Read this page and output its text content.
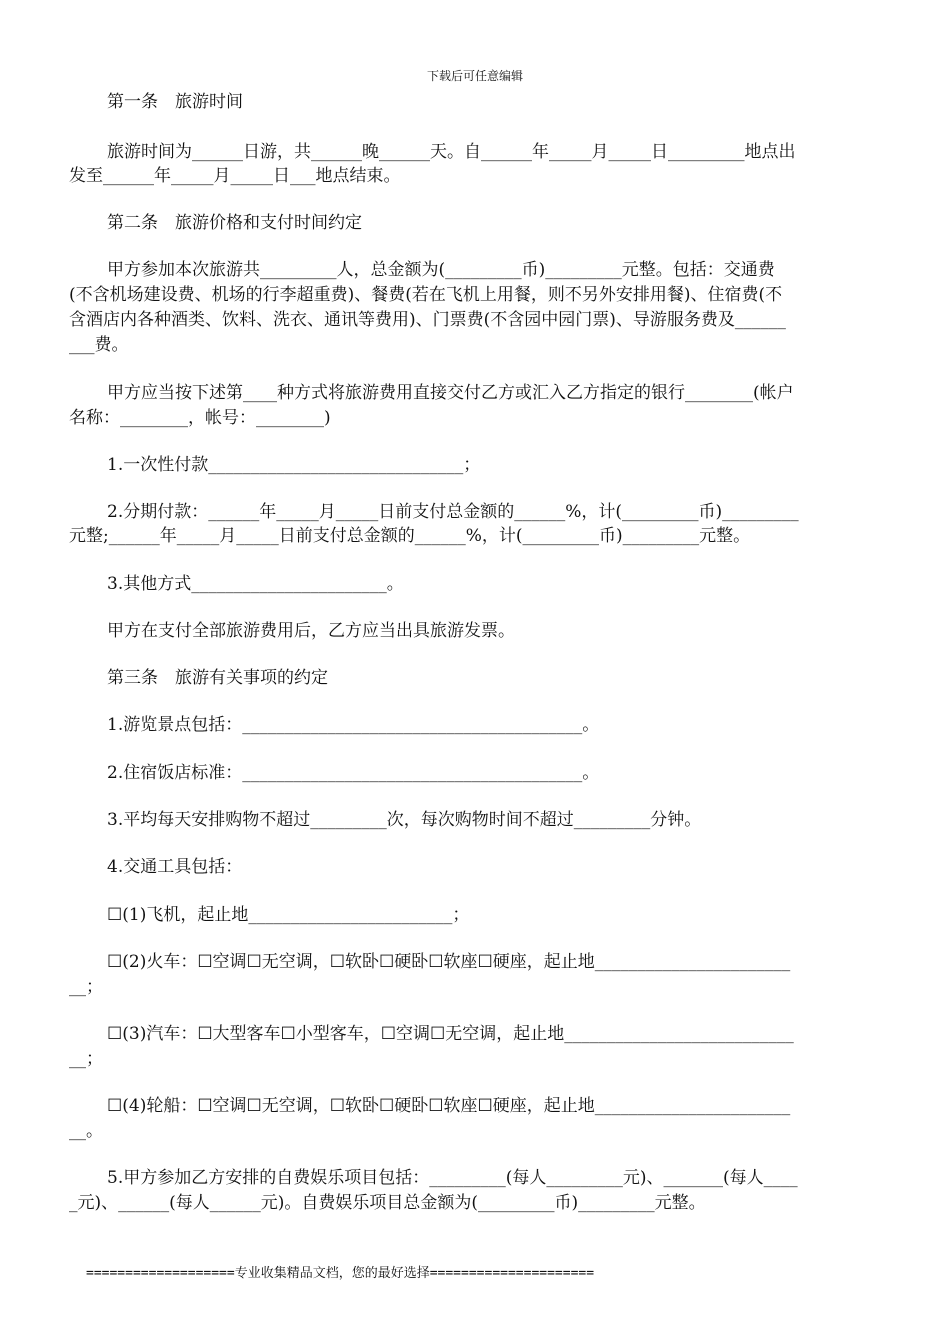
下载后可任意编辑
第一条　旅游时间
旅游时间为______日游，共______晚______天。自______年_____月_____日_________地点出
发至______年_____月_____日___地点结束。
第二条　旅游价格和支付时间约定
甲方参加本次旅游共_________人，总金额为(_________币)_________元整。包括：交通费
(不含机场建设费、机场的行李超重费)、餐费(若在飞机上用餐，则不另外安排用餐)、住宿费(不
含酒店内各种酒类、饮料、洗衣、通讯等费用)、门票费(不含园中园门票)、导游服务费及______
___费。
甲方应当按下述第____种方式将旅游费用直接交付乙方或汇入乙方指定的银行________(帐户
名称：________，帐号：________)
1.一次性付款______________________________；
2.分期付款：______年_____月_____日前支付总金额的______%，计(_________币)_________
元整;______年_____月_____日前支付总金额的______%，计(_________币)_________元整。
3.其他方式_______________________。
甲方在支付全部旅游费用后，乙方应当出具旅游发票。
第三条　旅游有关事项的约定
1.游览景点包括：________________________________________。
2.住宿饭店标准：________________________________________。
3.平均每天安排购物不超过_________次，每次购物时间不超过_________分钟。
4.交通工具包括：
☐(1)飞机，起止地________________________；
☐(2)火车：☐空调☐无空调，☐软卧☐硬卧☐软座☐硬座，起止地_______________________
__；
☐(3)汽车：☐大型客车☐小型客车，☐空调☐无空调，起止地___________________________
__；
☐(4)轮船：☐空调☐无空调，☐软卧☐硬卧☐软座☐硬座，起止地_______________________
__。
5.甲方参加乙方安排的自费娱乐项目包括：_________(每人_________元)、_______(每人____
_元)、______(每人______元)。自费娱乐项目总金额为(_________币)_________元整。
===================专业收集精品文档，您的最好选择=====================
